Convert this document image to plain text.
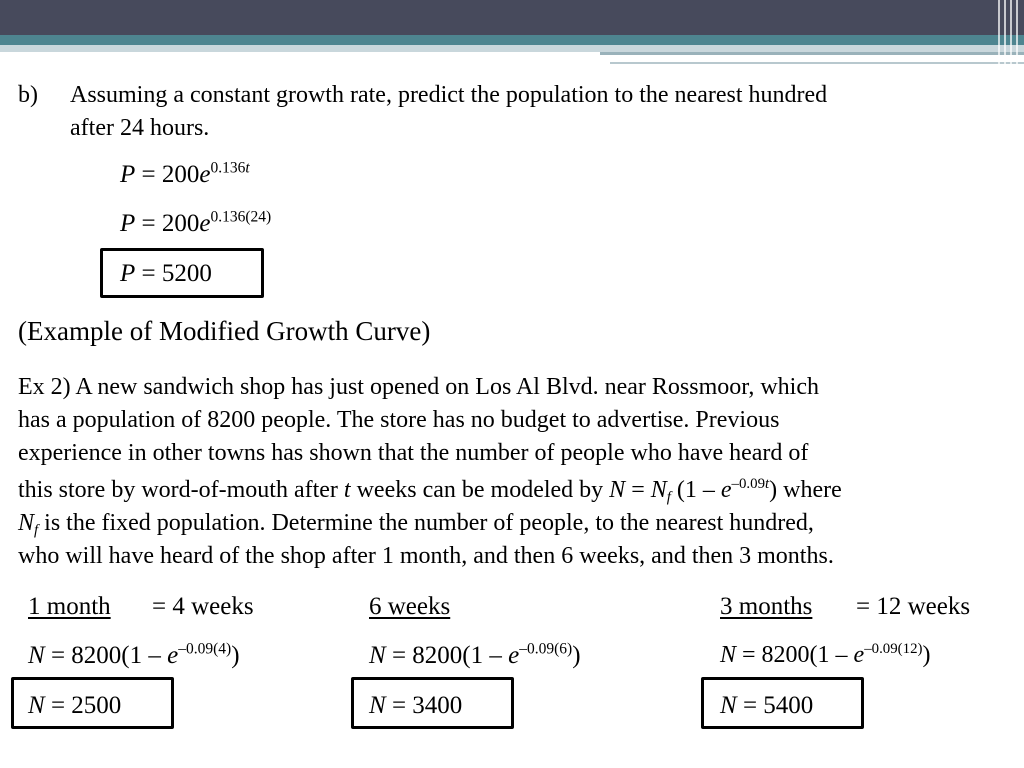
b) Assuming a constant growth rate, predict the population to the nearest hundred
after 24 hours.
$P = 200e^{0.136t}$
$P = 200e^{0.136(24)}$
P = 5200
(Example of Modified Growth Curve)
Ex 2) A new sandwich shop has just opened on Los Al Blvd. near Rossmoor, which
has a population of 8200 people. The store has no budget to advertise. Previous
experience in other towns has shown that the number of people who have heard of
this store by word-of-mouth after t weeks can be modeled by $N = N_f$ $(1 - e^{-0.09t})$ where
$N_f$ is the fixed population. Determine the number of people, to the nearest hundred,
who will have heard of the shop after 1 month, and then 6 weeks, and then 3 months.
1 month = 4 weeks
$N = 8200(1 - e^{-0.09(4)})$
N = 2500
6 weeks
$N = 8200(1 - e^{-0.09(6)})$
N = 3400
3 months = 12 weeks
$N = 8200(1 - e^{-0.09(12)})$
N = 5400
